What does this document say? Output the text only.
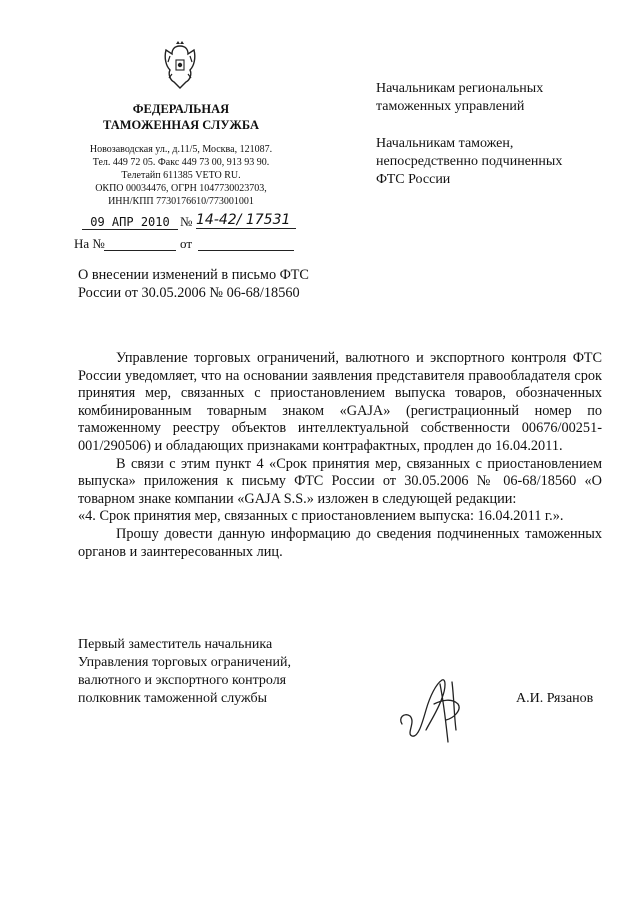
ФЕДЕРАЛЬНАЯ
ТАМОЖЕННАЯ СЛУЖБА
Новозаводская ул., д.11/5, Москва, 121087.
Тел. 449 72 05. Факс 449 73 00, 913 93 90.
Телетайп 611385 VETO RU.
ОКПО 00034476, ОГРН 1047730023703,
ИНН/КПП 7730176610/773001001
09 АПР 2010 № 14-42/ 17531
На №	от
Начальникам региональных
таможенных управлений
Начальникам таможен,
непосредственно подчиненных
ФТС России
О внесении изменений в письмо ФТС
России от 30.05.2006 № 06-68/18560

Управление торговых ограничений, валютного и экспортного контроля ФТС России уведомляет, что на основании заявления представителя правообладателя срок принятия мер, связанных с приостановлением выпуска товаров, обозначенных комбинированным товарным знаком «GAJA» (регистрационный номер по таможенному реестру объектов интеллектуальной собственности 00676/00251-001/290506) и обладающих признаками контрафактных, продлен до 16.04.2011.

В связи с этим пункт 4 «Срок принятия мер, связанных с приостановлением выпуска» приложения к письму ФТС России от 30.05.2006 № 06-68/18560 «О товарном знаке компании «GAJA S.S.» изложен в следующей редакции:

«4. Срок принятия мер, связанных с приостановлением выпуска: 16.04.2011 г.».

Прошу довести данную информацию до сведения подчиненных таможенных органов и заинтересованных лиц.

Первый заместитель начальника
Управления торговых ограничений,
валютного и экспортного контроля
полковник таможенной службы	А.И. Рязанов
